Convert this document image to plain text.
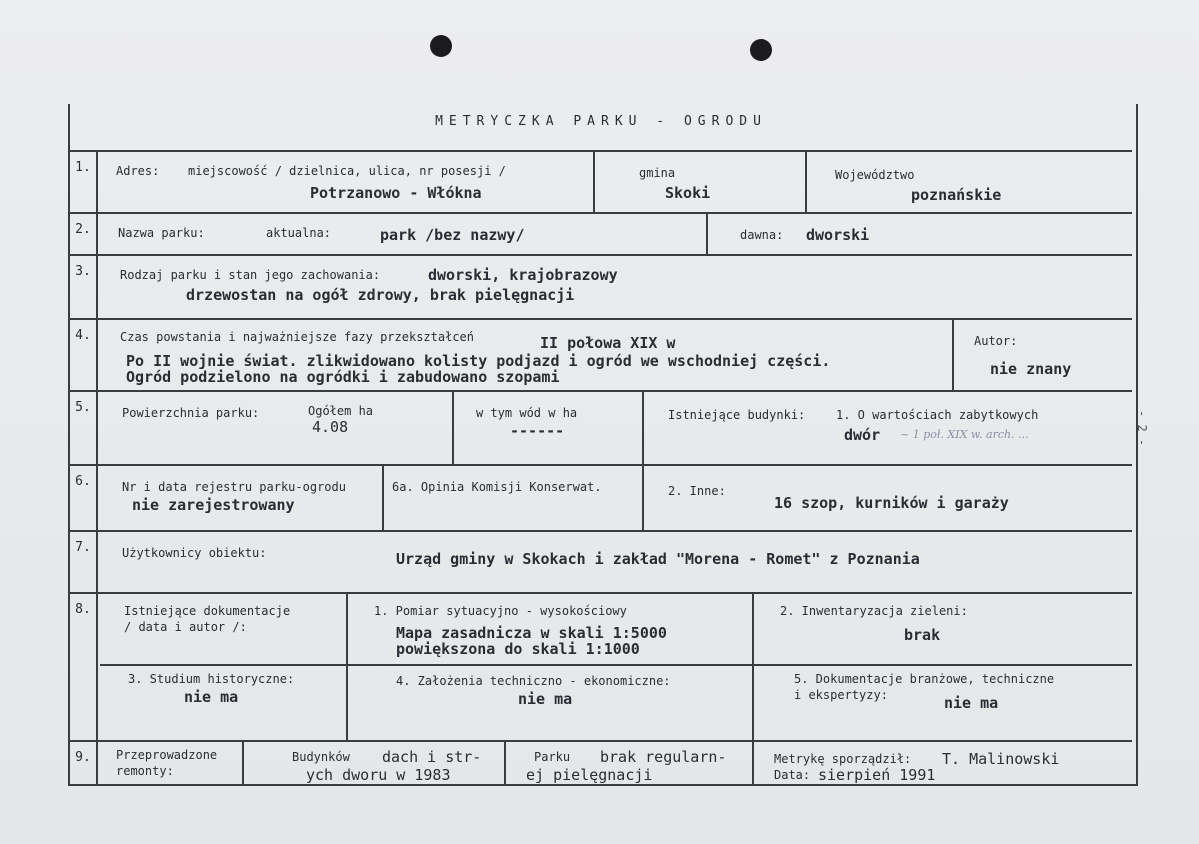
METRYCZKA PARKU - OGRODU
- 2 -
1.	Adres: miejscowość / dzielnica, ulica, nr posesji /
Potrzanowo - Włókna
gmina
Skoki
Województwo
poznańskie
2.	Nazwa parku:	aktualna:	park /bez nazwy/	dawna: dworski
3.	Rodzaj parku i stan jego zachowania:	dworski, krajobrazowy
drzewostan na ogół zdrowy, brak pielęgnacji
4.	Czas powstania i najważniejsze fazy przekształceń	II połowa XIX w
Po II wojnie świat. zlikwidowano kolisty podjazd i ogród we wschodniej części.
Ogród podzielono na ogródki i zabudowano szopami
Autor:
nie znany
5.	Powierzchnia parku:	Ogółem ha
4.08
w tym wód w ha
------
Istniejące budynki:	1. O wartościach zabytkowych
dwór ~ 1 poł. XIX w. arch. ...
6.	Nr i data rejestru parku-ogrodu
nie zarejestrowany
6a. Opinia Komisji Konserwat.	2. Inne:
16 szop, kurników i garaży
7.	Użytkownicy obiektu:	Urząd gminy w Skokach i zakład "Morena - Romet" z Poznania
8.	Istniejące dokumentacje
/ data i autor /:
1. Pomiar sytuacyjno - wysokościowy
Mapa zasadnicza w skali 1:5000
powiększona do skali 1:1000
2. Inwentaryzacja zieleni:
brak
3. Studium historyczne:
nie ma
4. Założenia techniczno - ekonomiczne:
nie ma
5. Dokumentacje branżowe, techniczne
i ekspertyzy:	nie ma
9.	Przeprowadzone
remonty:
Budynków dach i str-
ych dworu w 1983
Parku brak regularn-
ej pielęgnacji
Metrykę sporządził: T. Malinowski
Data: sierpień 1991
